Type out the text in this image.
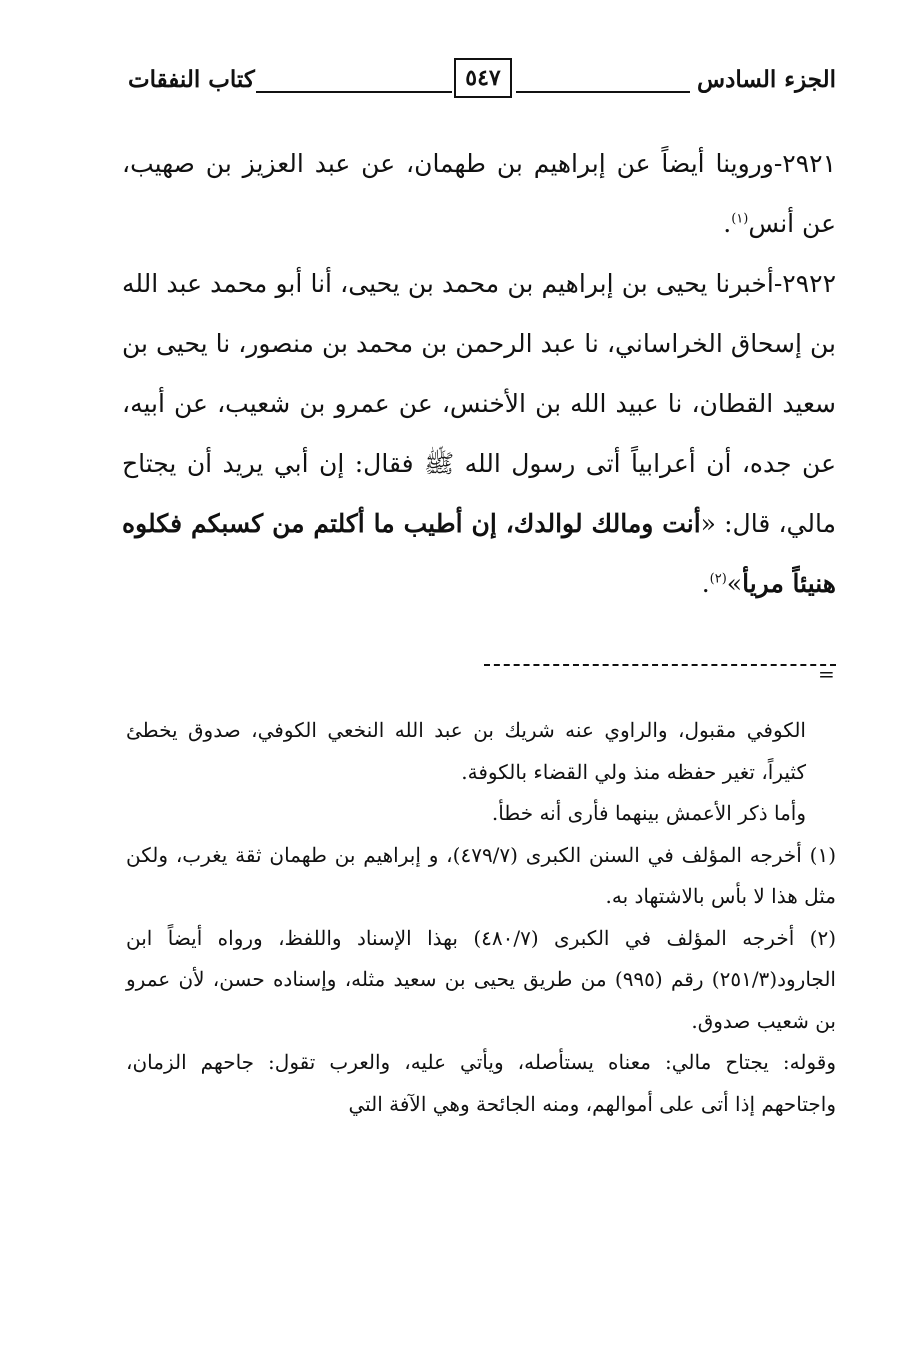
كتاب النفقات	٥٤٧	الجزء السادس

٢٩٢١-وروينا أيضاً عن إبراهيم بن طهمان، عن عبد العزيز بن صهيب، عن أنس$^{(١)}$.

٢٩٢٢-أخبرنا يحيى بن إبراهيم بن محمد بن يحيى، أنا أبو محمد عبد الله بن إسحاق الخراساني، نا عبد الرحمن بن محمد بن منصور، نا يحيى بن سعيد القطان، نا عبيد الله بن الأخنس، عن عمرو بن شعيب، عن أبيه، عن جده، أن أعرابياً أتى رسول الله ﷺ فقال: إن أبي يريد أن يجتاح مالي، قال: «أنت ومالك لوالدك، إن أطيب ما أكلتم من كسبكم فكلوه هنيئاً مريأ»$^{(٢)}$.

=

الكوفي مقبول، والراوي عنه شريك بن عبد الله النخعي الكوفي، صدوق يخطئ كثيراً، تغير حفظه منذ ولي القضاء بالكوفة.

وأما ذكر الأعمش بينهما فأرى أنه خطأ.

(١) أخرجه المؤلف في السنن الكبرى (٤٧٩/٧)، و إبراهيم بن طهمان ثقة يغرب، ولكن مثل هذا لا بأس بالاشتهاد به.

(٢) أخرجه المؤلف في الكبرى (٤٨٠/٧) بهذا الإسناد واللفظ، ورواه أيضاً ابن الجارود(٢٥١/٣) رقم (٩٩٥) من طريق يحيى بن سعيد مثله، وإسناده حسن، لأن عمرو بن شعيب صدوق.

وقوله: يجتاح مالي: معناه يستأصله، ويأتي عليه، والعرب تقول: جاحهم الزمان، واجتاحهم إذا أتى على أموالهم، ومنه الجائحة وهي الآفة التي
